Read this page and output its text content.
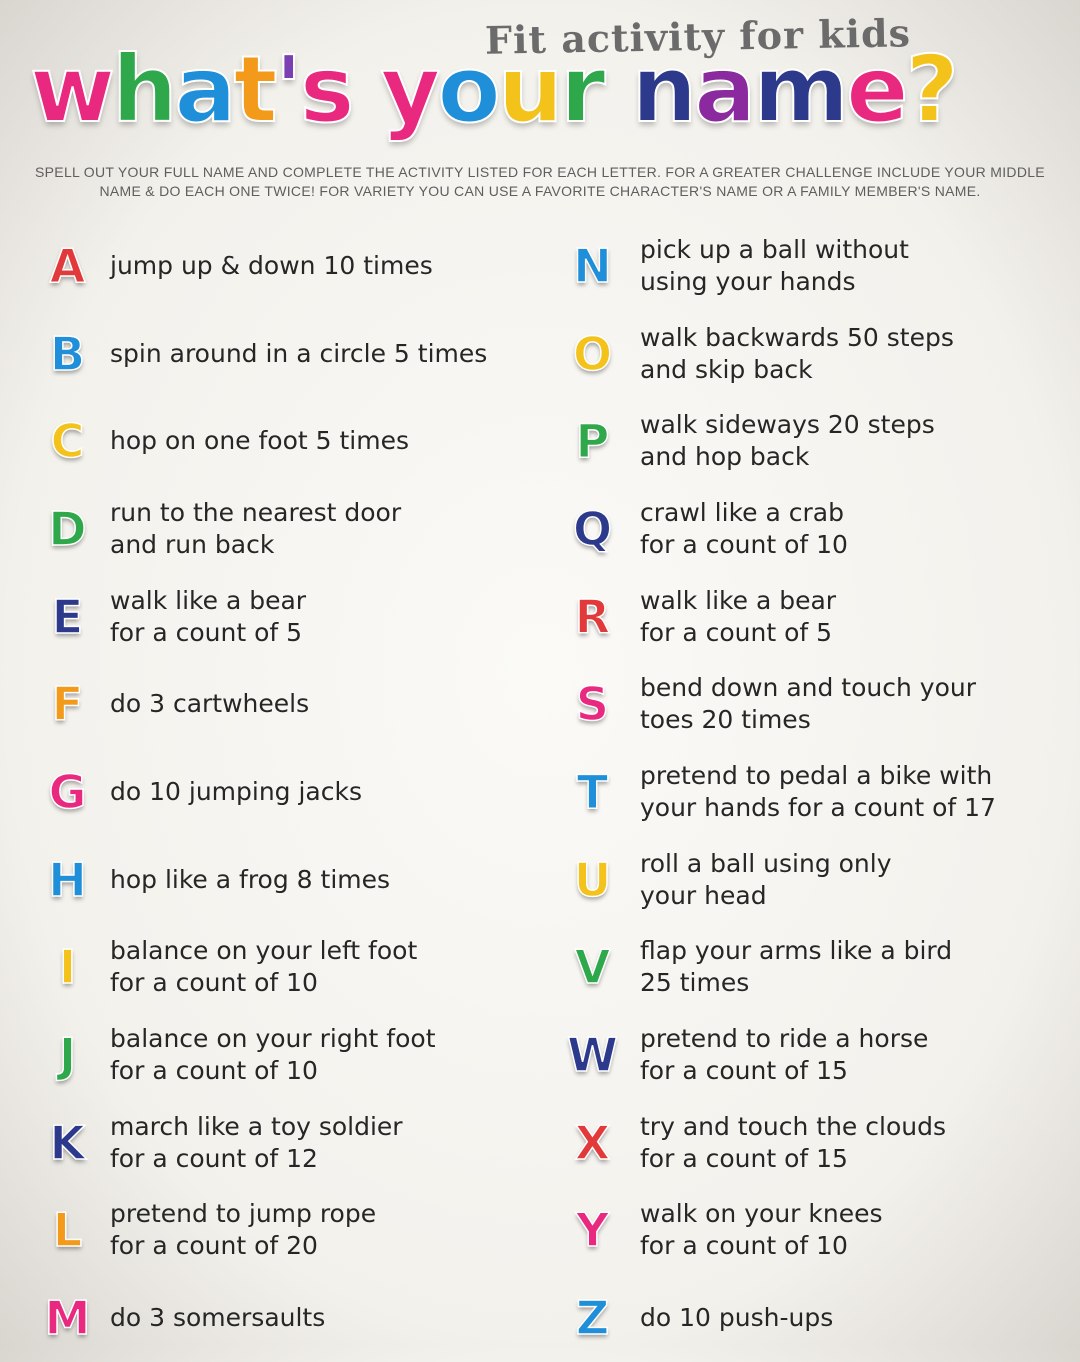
Fit activity for kids
what's your name?
SPELL OUT YOUR FULL NAME AND COMPLETE THE ACTIVITY LISTED FOR EACH LETTER. FOR A GREATER CHALLENGE INCLUDE YOUR MIDDLE NAME & DO EACH ONE TWICE! FOR VARIETY YOU CAN USE A FAVORITE CHARACTER'S NAME OR A FAMILY MEMBER'S NAME.
A jump up & down 10 times
B spin around in a circle 5 times
C	hop on one foot 5 times
D run to the nearest door
and run back
E	walk like a bear
for a count of 5
F	do 3 cartwheels
G do 10 jumping jacks
H hop like a frog 8 times
I	balance on your left foot
for a count of 10
J	balance on your right foot
for a count of 10
K march like a toy soldier
for a count of 12
L	pretend to jump rope
for a count of 20
M do 3 somersaults
N	pick up a ball without
using your hands
O	walk backwards 50 steps
and skip back
P	walk sideways 20 steps
and hop back
Q	crawl like a crab
for a count of 10
R	walk like a bear
for a count of 5
S	bend down and touch your
toes 20 times
T	pretend to pedal a bike with
your hands for a count of 17
U	roll a ball using only
your head
V	flap your arms like a bird
25 times
W pretend to ride a horse
for a count of 15
X	try and touch the clouds
for a count of 15
Y	walk on your knees
for a count of 10
Z	do 10 push-ups
